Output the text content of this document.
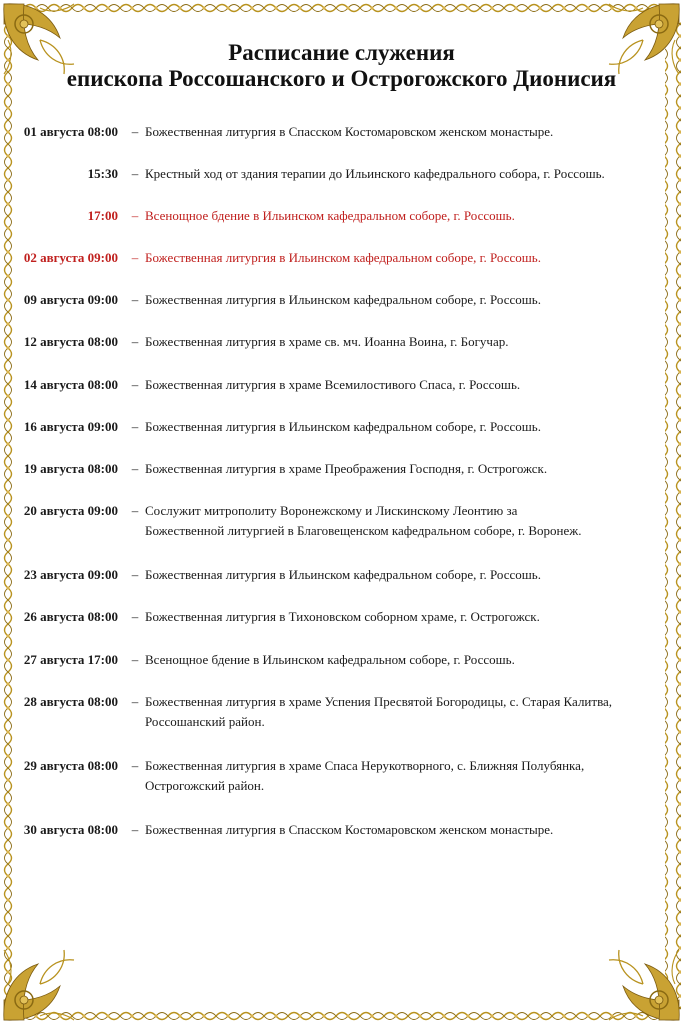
Расписание служения
епископа Россошанского и Острогожского Дионисия
01 августа 08:00 – Божественная литургия в Спасском Костомаровском женском монастыре.
15:30 – Крестный ход от здания терапии до Ильинского кафедрального собора, г. Россошь.
17:00 – Всенощное бдение в Ильинском кафедральном соборе, г. Россошь.
02 августа 09:00 – Божественная литургия в Ильинском кафедральном соборе, г. Россошь.
09 августа 09:00 – Божественная литургия в Ильинском кафедральном соборе, г. Россошь.
12 августа 08:00 – Божественная литургия в храме св. мч. Иоанна Воина, г. Богучар.
14 августа 08:00 – Божественная литургия в храме Всемилостивого Спаса, г. Россошь.
16 августа 09:00 – Божественная литургия в Ильинском кафедральном соборе, г. Россошь.
19 августа 08:00 – Божественная литургия в храме Преображения Господня, г. Острогожск.
20 августа 09:00 – Сослужит митрополиту Воронежскому и Лискинскому Леонтию за
Божественной литургией в Благовещенском кафедральном соборе, г. Воронеж.
23 августа 09:00 – Божественная литургия в Ильинском кафедральном соборе, г. Россошь.
26 августа 08:00 – Божественная литургия в Тихоновском соборном храме, г. Острогожск.
27 августа 17:00 – Всенощное бдение в Ильинском кафедральном соборе, г. Россошь.
28 августа 08:00 – Божественная литургия в храме Успения Пресвятой Богородицы, с. Старая Калитва,
Россошанский район.
29 августа 08:00 – Божественная литургия в храме Спаса Нерукотворного, с. Ближняя Полубянка,
Острогожский район.
30 августа 08:00 – Божественная литургия в Спасском Костомаровском женском монастыре.
